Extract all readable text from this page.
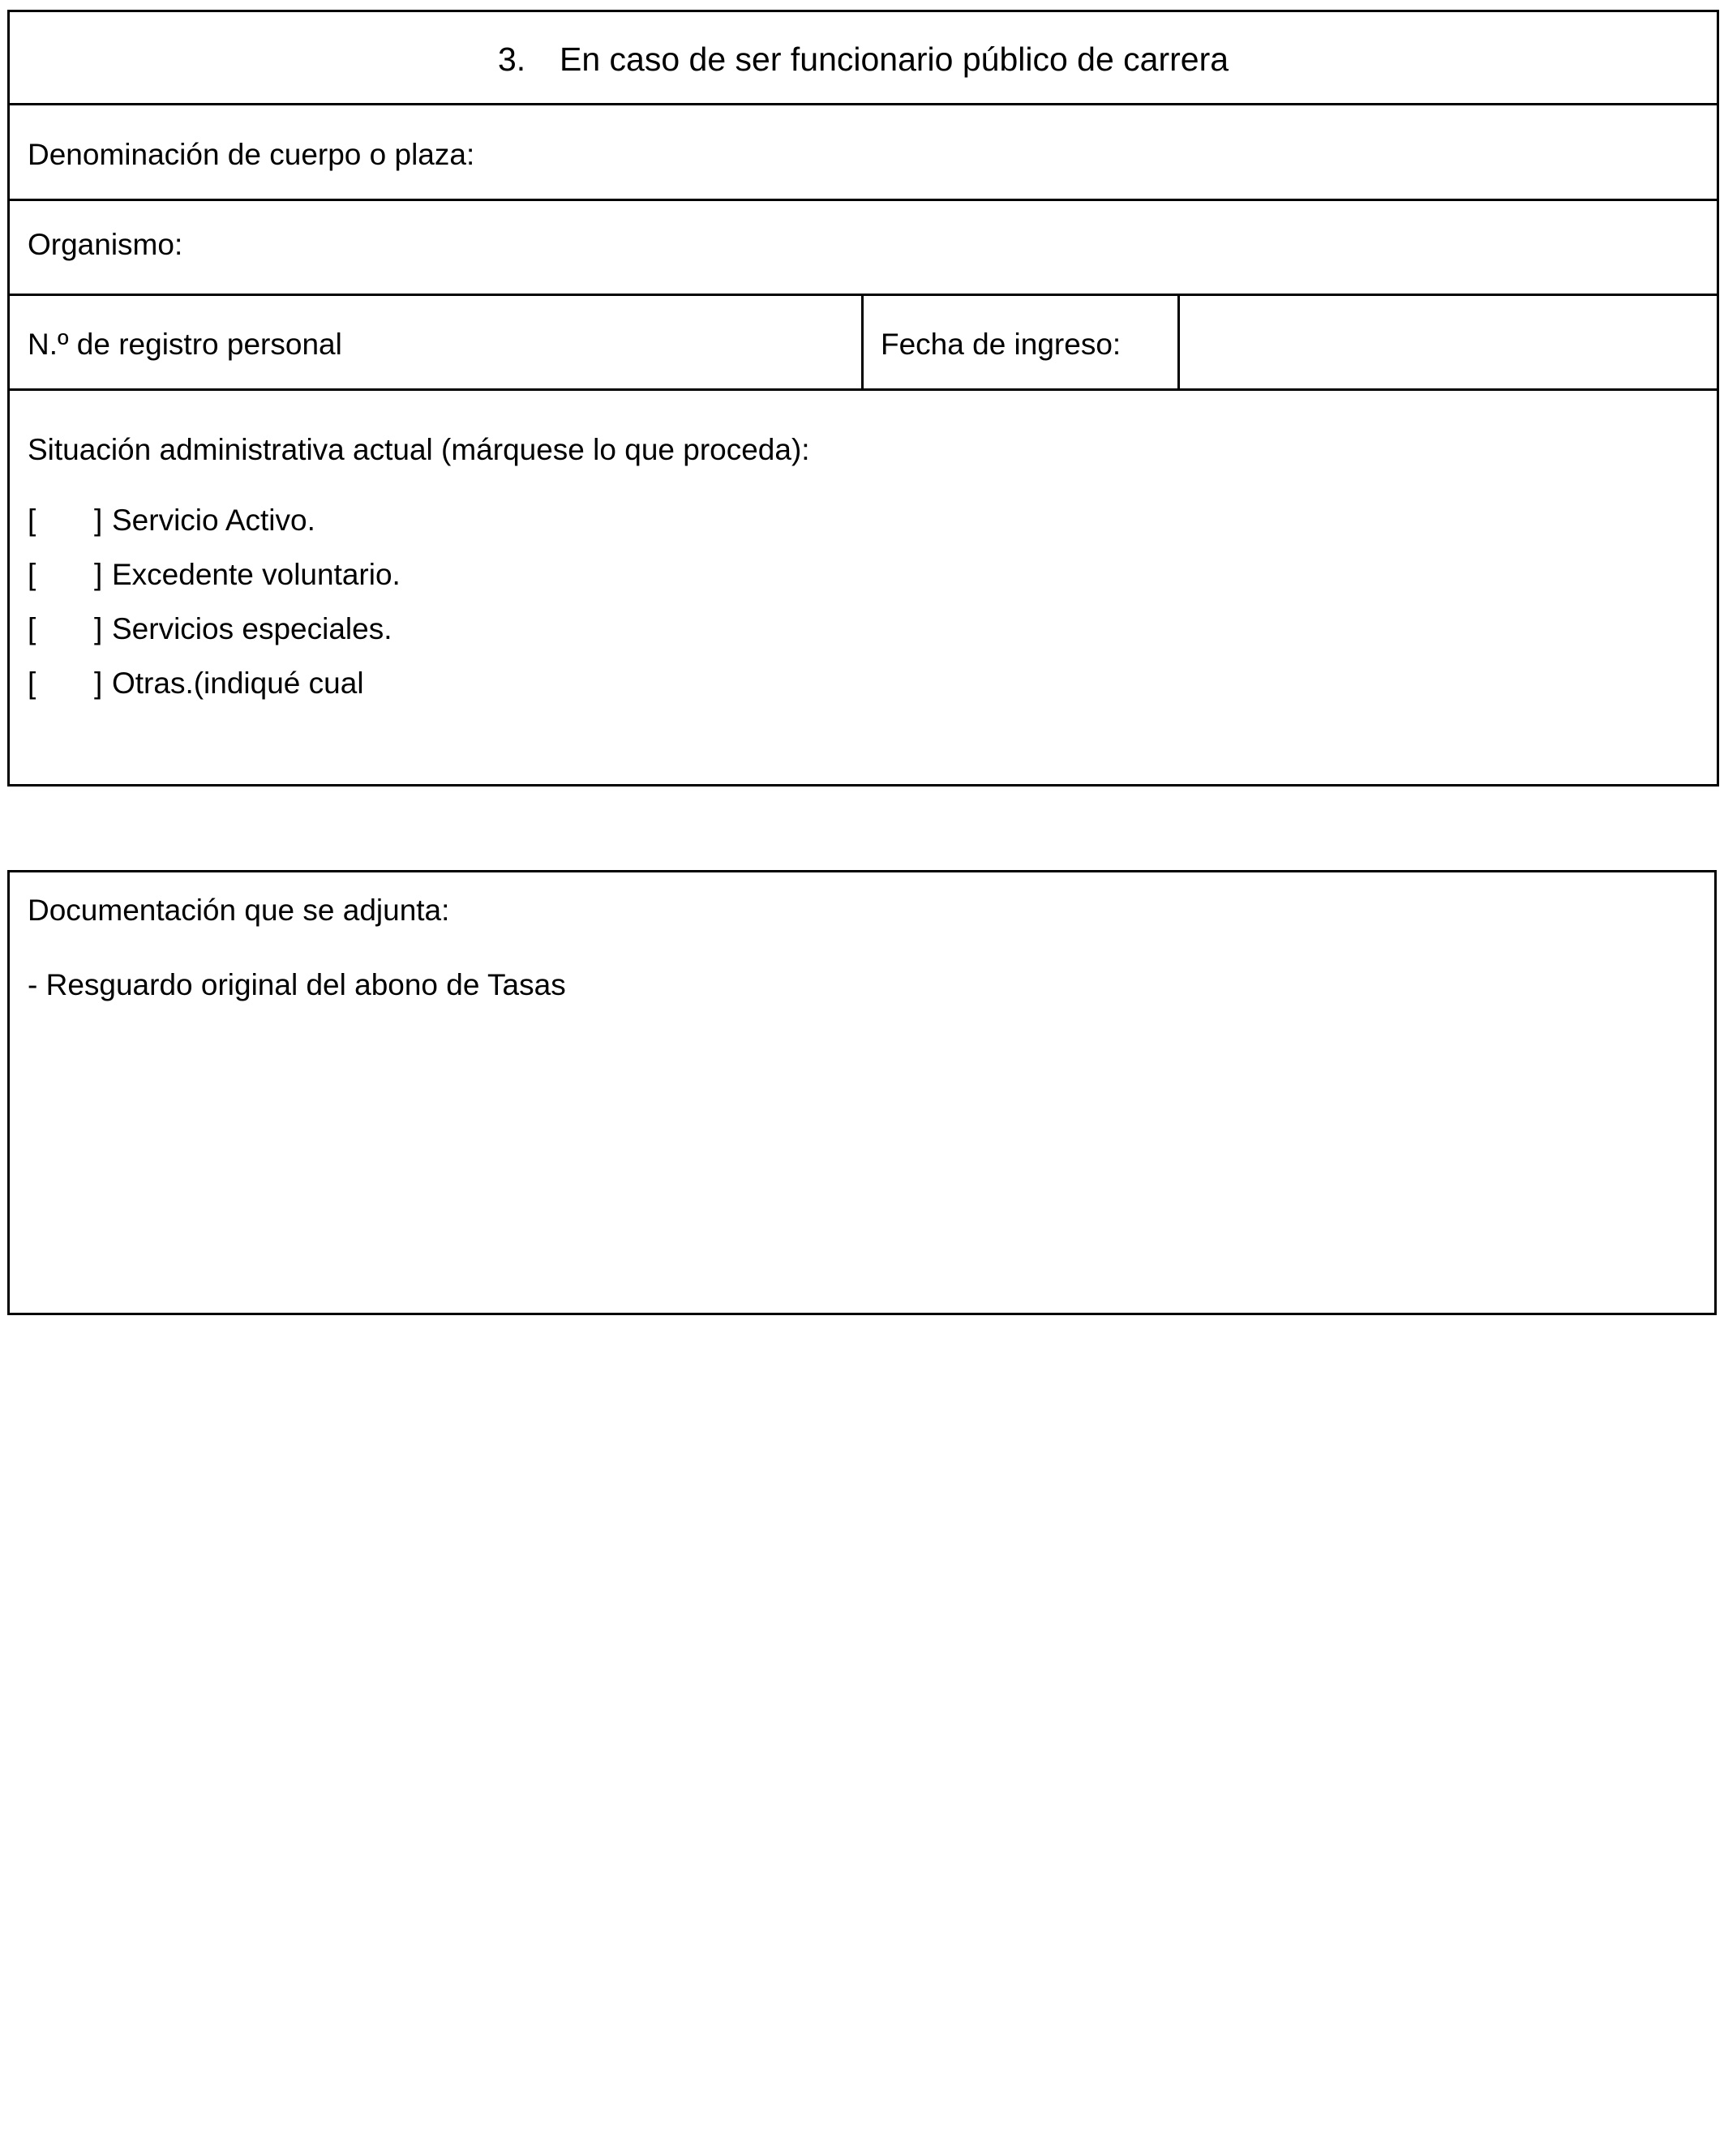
3. En caso de ser funcionario público de carrera
Denominación de cuerpo o plaza:
Organismo:
N.º de registro personal	Fecha de ingreso:
Situación administrativa actual (márquese lo que proceda):
[ ] Servicio Activo.
[ ] Excedente voluntario.
[ ] Servicios especiales.
[ ] Otras.(indiqué cual
Documentación que se adjunta:
- Resguardo original del abono de Tasas
